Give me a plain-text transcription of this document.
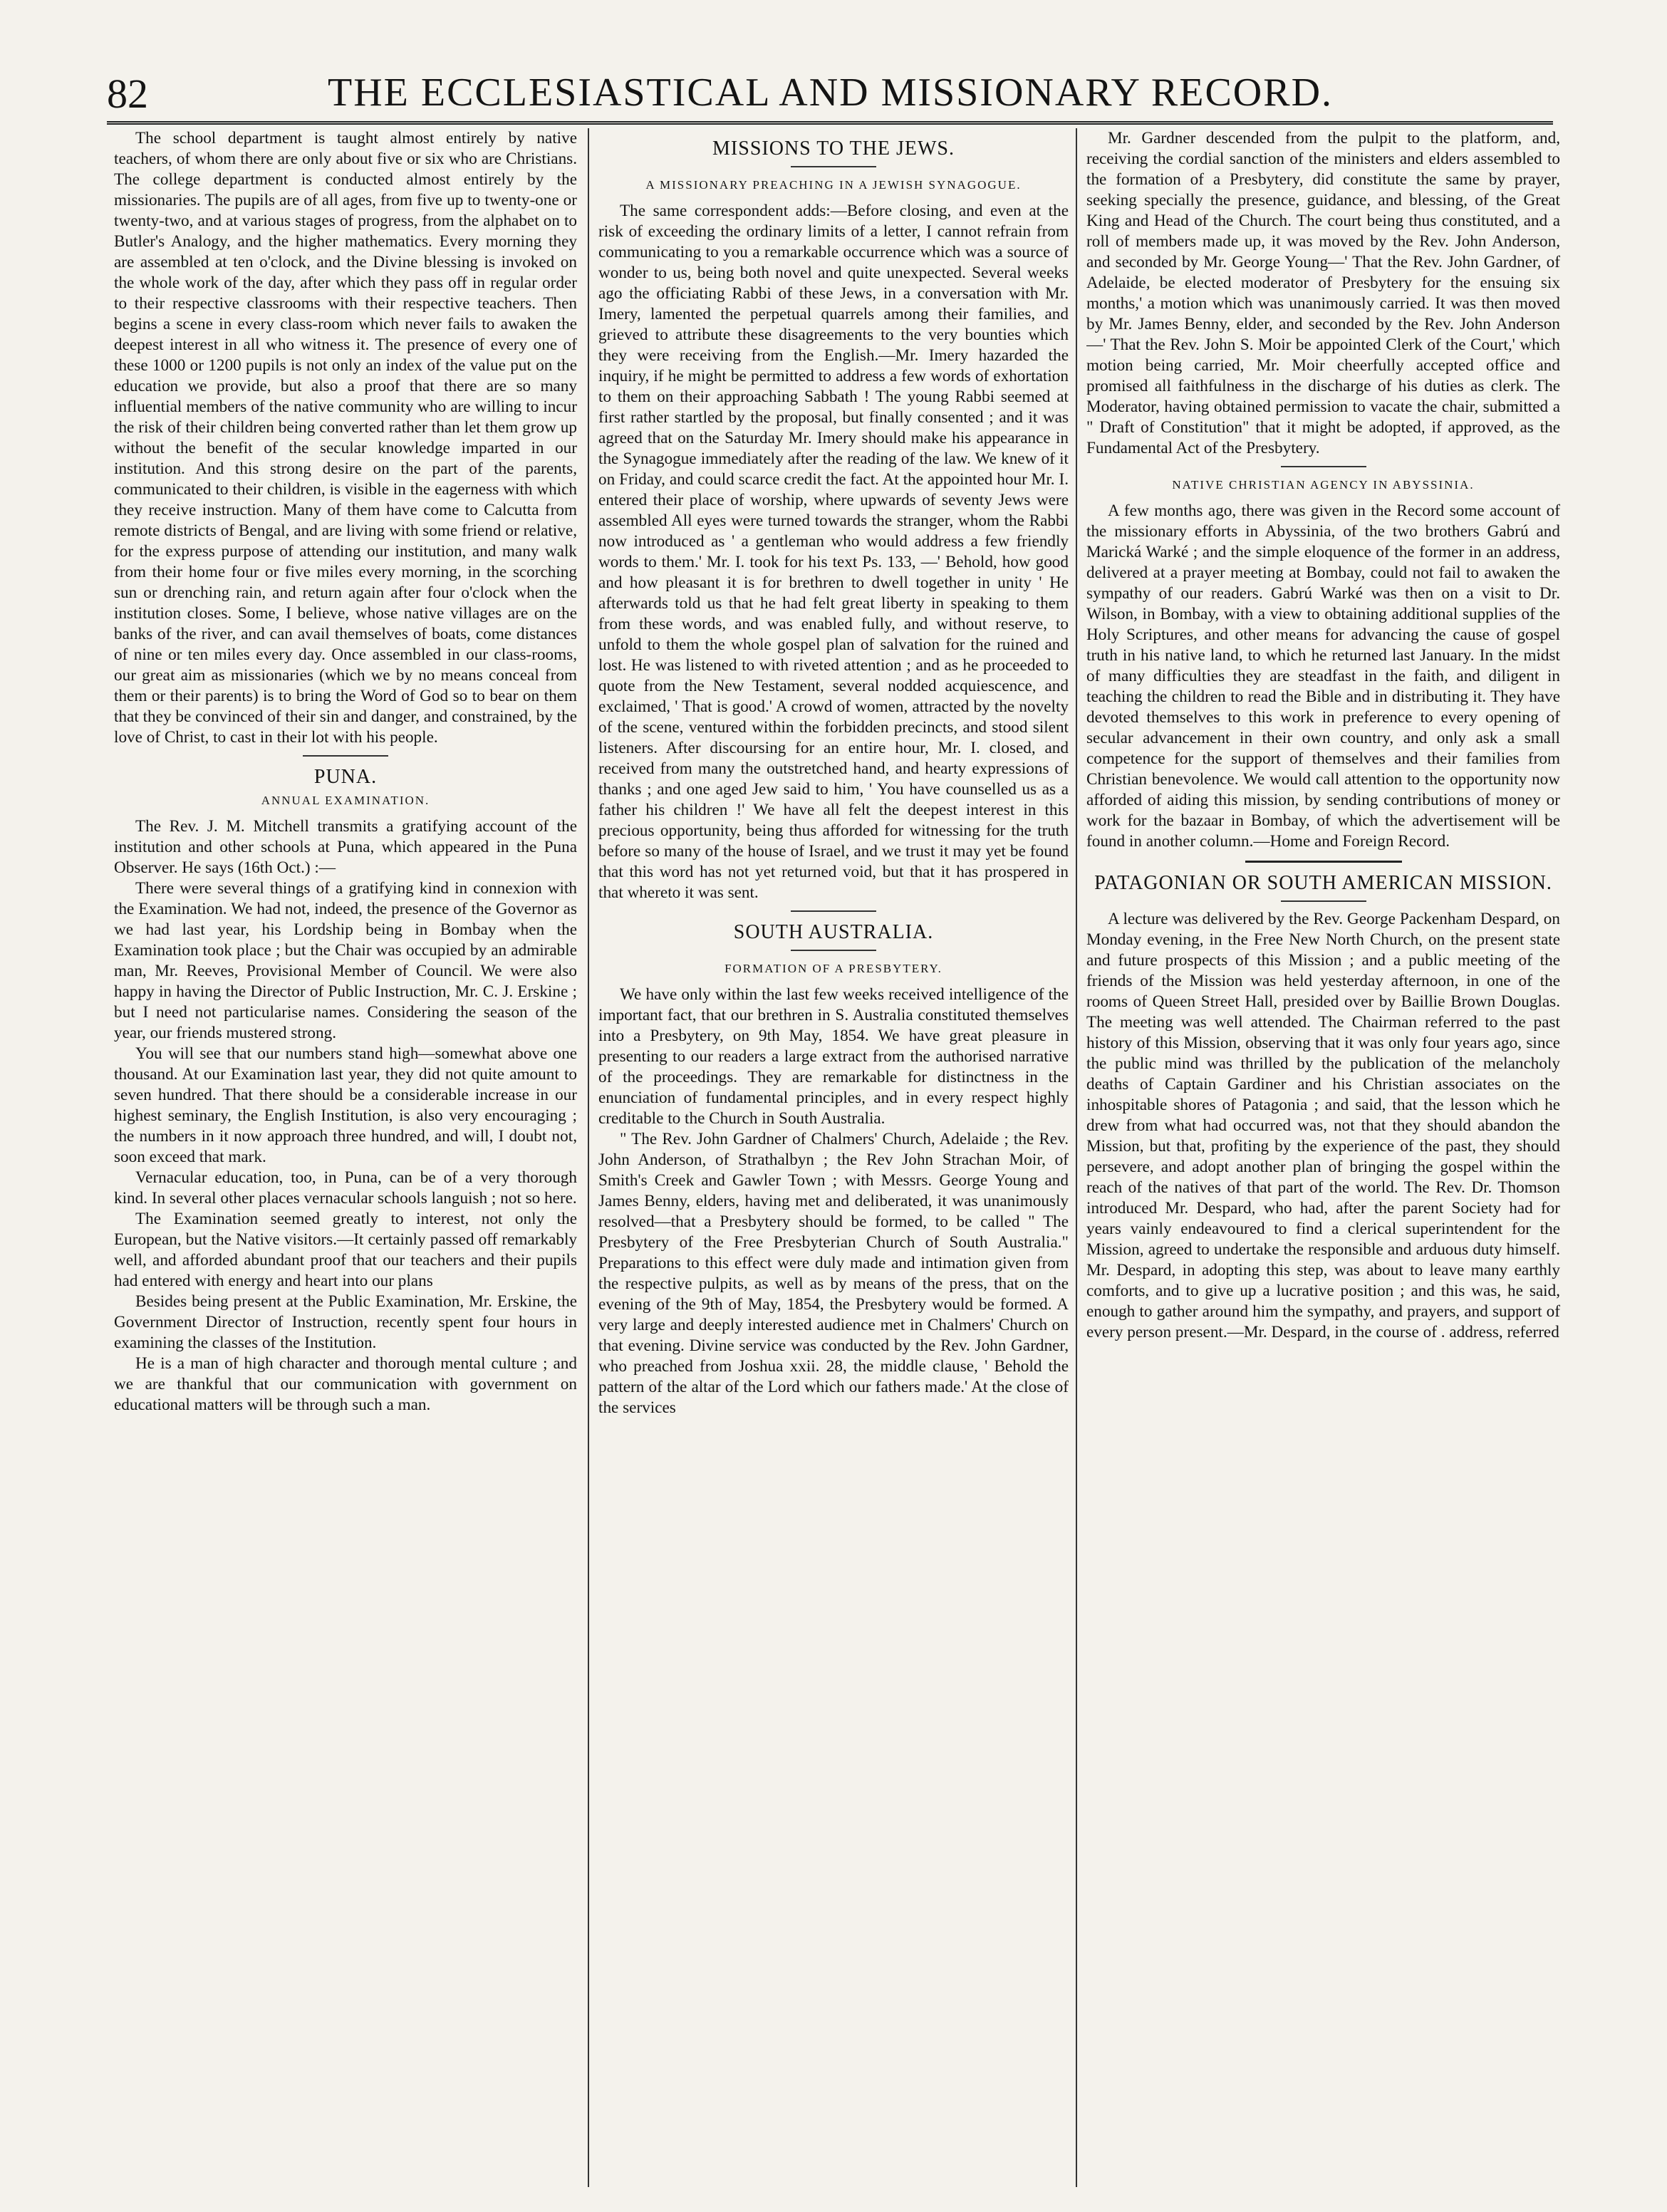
82	THE ECCLESIASTICAL AND MISSIONARY RECORD.

The school department is taught almost entirely by native teachers, of whom there are only about five or six who are Christians. The college department is conducted almost entirely by the missionaries. The pupils are of all ages, from five up to twenty-one or twenty-two, and at various stages of progress, from the alphabet on to Butler's Analogy, and the higher mathematics. Every morning they are assembled at ten o'clock, and the Divine blessing is invoked on the whole work of the day, after which they pass off in regular order to their respective classrooms with their respective teachers. Then begins a scene in every class-room which never fails to awaken the deepest interest in all who witness it. The presence of every one of these 1000 or 1200 pupils is not only an index of the value put on the education we provide, but also a proof that there are so many influential members of the native community who are willing to incur the risk of their children being converted rather than let them grow up without the benefit of the secular knowledge imparted in our institution. And this strong desire on the part of the parents, communicated to their children, is visible in the eagerness with which they receive instruction. Many of them have come to Calcutta from remote districts of Bengal, and are living with some friend or relative, for the express purpose of attending our institution, and many walk from their home four or five miles every morning, in the scorching sun or drenching rain, and return again after four o'clock when the institution closes. Some, I believe, whose native villages are on the banks of the river, and can avail themselves of boats, come distances of nine or ten miles every day. Once assembled in our class-rooms, our great aim as missionaries (which we by no means conceal from them or their parents) is to bring the Word of God so to bear on them that they be convinced of their sin and danger, and constrained, by the love of Christ, to cast in their lot with his people.

PUNA.
ANNUAL EXAMINATION.

The Rev. J. M. Mitchell transmits a gratifying account of the institution and other schools at Puna, which appeared in the Puna Observer. He says (16th Oct.) :—

There were several things of a gratifying kind in connexion with the Examination. We had not, indeed, the presence of the Governor as we had last year, his Lordship being in Bombay when the Examination took place ; but the Chair was occupied by an admirable man, Mr. Reeves, Provisional Member of Council. We were also happy in having the Director of Public Instruction, Mr. C. J. Erskine ; but I need not particularise names. Considering the season of the year, our friends mustered strong.

You will see that our numbers stand high—somewhat above one thousand. At our Examination last year, they did not quite amount to seven hundred. That there should be a considerable increase in our highest seminary, the English Institution, is also very encouraging ; the numbers in it now approach three hundred, and will, I doubt not, soon exceed that mark.

Vernacular education, too, in Puna, can be of a very thorough kind. In several other places vernacular schools languish ; not so here.

The Examination seemed greatly to interest, not only the European, but the Native visitors.—It certainly passed off remarkably well, and afforded abundant proof that our teachers and their pupils had entered with energy and heart into our plans

Besides being present at the Public Examination, Mr. Erskine, the Government Director of Instruction, recently spent four hours in examining the classes of the Institution.

He is a man of high character and thorough mental culture ; and we are thankful that our communication with government on educational matters will be through such a man.

MISSIONS TO THE JEWS.
A MISSIONARY PREACHING IN A JEWISH SYNAGOGUE.

The same correspondent adds:—Before closing, and even at the risk of exceeding the ordinary limits of a letter, I cannot refrain from communicating to you a remarkable occurrence which was a source of wonder to us, being both novel and quite unexpected. Several weeks ago the officiating Rabbi of these Jews, in a conversation with Mr. Imery, lamented the perpetual quarrels among their families, and grieved to attribute these disagreements to the very bounties which they were receiving from the English.—Mr. Imery hazarded the inquiry, if he might be permitted to address a few words of exhortation to them on their approaching Sabbath ! The young Rabbi seemed at first rather startled by the proposal, but finally consented ; and it was agreed that on the Saturday Mr. Imery should make his appearance in the Synagogue immediately after the reading of the law. We knew of it on Friday, and could scarce credit the fact. At the appointed hour Mr. I. entered their place of worship, where upwards of seventy Jews were assembled All eyes were turned towards the stranger, whom the Rabbi now introduced as ' a gentleman who would address a few friendly words to them.' Mr. I. took for his text Ps. 133, —' Behold, how good and how pleasant it is for brethren to dwell together in unity ' He afterwards told us that he had felt great liberty in speaking to them from these words, and was enabled fully, and without reserve, to unfold to them the whole gospel plan of salvation for the ruined and lost. He was listened to with riveted attention ; and as he proceeded to quote from the New Testament, several nodded acquiescence, and exclaimed, ' That is good.' A crowd of women, attracted by the novelty of the scene, ventured within the forbidden precincts, and stood silent listeners. After discoursing for an entire hour, Mr. I. closed, and received from many the outstretched hand, and hearty expressions of thanks ; and one aged Jew said to him, ' You have counselled us as a father his children !' We have all felt the deepest interest in this precious opportunity, being thus afforded for witnessing for the truth before so many of the house of Israel, and we trust it may yet be found that this word has not yet returned void, but that it has prospered in that whereto it was sent.

SOUTH AUSTRALIA.
FORMATION OF A PRESBYTERY.

We have only within the last few weeks received intelligence of the important fact, that our brethren in S. Australia constituted themselves into a Presbytery, on 9th May, 1854. We have great pleasure in presenting to our readers a large extract from the authorised narrative of the proceedings. They are remarkable for distinctness in the enunciation of fundamental principles, and in every respect highly creditable to the Church in South Australia.

" The Rev. John Gardner of Chalmers' Church, Adelaide ; the Rev. John Anderson, of Strathalbyn ; the Rev John Strachan Moir, of Smith's Creek and Gawler Town ; with Messrs. George Young and James Benny, elders, having met and deliberated, it was unanimously resolved—that a Presbytery should be formed, to be called " The Presbytery of the Free Presbyterian Church of South Australia." Preparations to this effect were duly made and intimation given from the respective pulpits, as well as by means of the press, that on the evening of the 9th of May, 1854, the Presbytery would be formed. A very large and deeply interested audience met in Chalmers' Church on that evening. Divine service was conducted by the Rev. John Gardner, who preached from Joshua xxii. 28, the middle clause, ' Behold the pattern of the altar of the Lord which our fathers made.' At the close of the services

Mr. Gardner descended from the pulpit to the platform, and, receiving the cordial sanction of the ministers and elders assembled to the formation of a Presbytery, did constitute the same by prayer, seeking specially the presence, guidance, and blessing, of the Great King and Head of the Church. The court being thus constituted, and a roll of members made up, it was moved by the Rev. John Anderson, and seconded by Mr. George Young—' That the Rev. John Gardner, of Adelaide, be elected moderator of Presbytery for the ensuing six months,' a motion which was unanimously carried. It was then moved by Mr. James Benny, elder, and seconded by the Rev. John Anderson—' That the Rev. John S. Moir be appointed Clerk of the Court,' which motion being carried, Mr. Moir cheerfully accepted office and promised all faithfulness in the discharge of his duties as clerk. The Moderator, having obtained permission to vacate the chair, submitted a " Draft of Constitution" that it might be adopted, if approved, as the Fundamental Act of the Presbytery.

NATIVE CHRISTIAN AGENCY IN ABYSSINIA.

A few months ago, there was given in the Record some account of the missionary efforts in Abyssinia, of the two brothers Gabrú and Marická Warké ; and the simple eloquence of the former in an address, delivered at a prayer meeting at Bombay, could not fail to awaken the sympathy of our readers. Gabrú Warké was then on a visit to Dr. Wilson, in Bombay, with a view to obtaining additional supplies of the Holy Scriptures, and other means for advancing the cause of gospel truth in his native land, to which he returned last January. In the midst of many difficulties they are steadfast in the faith, and diligent in teaching the children to read the Bible and in distributing it. They have devoted themselves to this work in preference to every opening of secular advancement in their own country, and only ask a small competence for the support of themselves and their families from Christian benevolence. We would call attention to the opportunity now afforded of aiding this mission, by sending contributions of money or work for the bazaar in Bombay, of which the advertisement will be found in another column.—Home and Foreign Record.

PATAGONIAN OR SOUTH AMERICAN MISSION.

A lecture was delivered by the Rev. George Packenham Despard, on Monday evening, in the Free New North Church, on the present state and future prospects of this Mission ; and a public meeting of the friends of the Mission was held yesterday afternoon, in one of the rooms of Queen Street Hall, presided over by Baillie Brown Douglas. The meeting was well attended. The Chairman referred to the past history of this Mission, observing that it was only four years ago, since the public mind was thrilled by the publication of the melancholy deaths of Captain Gardiner and his Christian associates on the inhospitable shores of Patagonia ; and said, that the lesson which he drew from what had occurred was, not that they should abandon the Mission, but that, profiting by the experience of the past, they should persevere, and adopt another plan of bringing the gospel within the reach of the natives of that part of the world. The Rev. Dr. Thomson introduced Mr. Despard, who had, after the parent Society had for years vainly endeavoured to find a clerical superintendent for the Mission, agreed to undertake the responsible and arduous duty himself. Mr. Despard, in adopting this step, was about to leave many earthly comforts, and to give up a lucrative position ; and this was, he said, enough to gather around him the sympathy, and prayers, and support of every person present.—Mr. Despard, in the course of . address, referred
